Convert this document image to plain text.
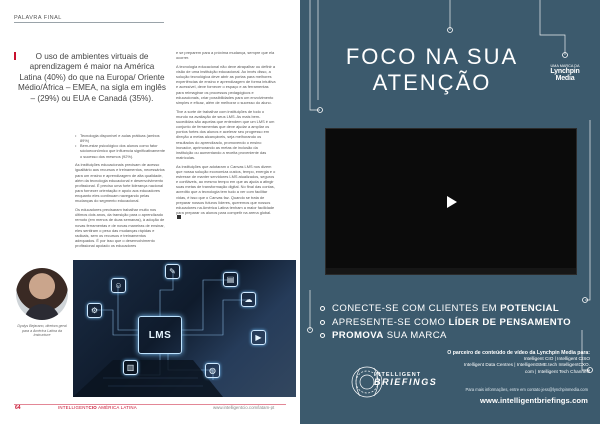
PALAVRA FINAL

O uso de ambientes virtuais de aprendizagem é maior na América Latina (40%) do que na Europa/ Oriente Médio/África – EMEA, na sigla em inglês – (29%) ou EUA e Canadá (35%).

• Tecnologia disponível e aulas práticas (ambos 89%)
• Bem-estar psicológico dos alunos como fator sócioeconômico que influencia significativamente o sucesso dos mesmos (92%).

As instituições educacionais precisam de acesso igualitário aos recursos e treinamentos, necessários para um ensino e aprendizagem de alta qualidade, além da tecnologia educacional e desenvolvimento profissional. É preciso uma forte liderança nacional para fornecer orientação e apoio aos educadores enquanto eles continuam navegando pelas mudanças do segmento educacional.

Os educadores precisaram trabalhar muito nos últimos dois anos, da transição para o aprendizado remoto (em menos de duas semanas), à adoção de novas ferramentas e de novas maneiras de ensinar, eles sentiram o peso das mudanças rápidas e radicais, sem os recursos e treinamentos adequados. É por isso que o desenvolvimento profissional apoiado os educadores

e se preparem para a próxima mudança, sempre que ela ocorrer.

A tecnologia educacional não deve atrapalhar ou definir a visão de uma instituição educacional. Ao invés disso, a solução tecnológica deve abrir as portas para melhores experiências de ensino e aprendizagem de forma intuitiva e acessível, deve fornecer o espaço e as ferramentas para reimaginar os processos pedagógicos e educacionais, criar possibilidades para um envolvimento simples e eficaz, além de melhorar o sucesso do aluno.

Tive a sorte de trabalhar com instituições de todo o mundo na avaliação de seus LMS. As mais bem-sucedidas são aquelas que entendem que um LMS é um conjunto de ferramentas que deve ajudar a ampliar os pontos fortes dos alunos e acelerar seu progresso em direção a metas alcançáveis, seja melhorando os resultados do aprendizado, promovendo o ensino inovador, aprimorando as metas de inclusão da instituição ou aumentando a receita proveniente das matrículas.

As instituições que adotaram o Canvas LMS nos dizem que nossa solução economiza custos, tempo, energia e o estresse de manter servidores LMS atualizados, seguros e confiáveis, ao mesmo tempo em que as ajuda a atingir suas metas de transformação digital. No final das contas, acredito que a tecnologia tem tudo a ver com facilitar vidas, é isso que o Canvas faz. Quando se trata de preparar nossos futuros líderes, queremos que nossos educadores na América Latina tenham a maior facilidade para preparar os alunos para competir na arena global.

Dyalys Bejarano, diretora geral para a América Latina da Instructure	LMS
☁
▤
⚙
☺
✎
▶
◍
▥
64	INTELLIGENTCIO AMÉRICA LATINA	www.intelligentcio.com/latam-pt
FOCO NA SUA
ATENÇÃO
UMA MARCA DA
Lynchpin
Media
CONECTE-SE COM CLIENTES EM POTENCIAL
APRESENTE-SE COMO LÍDER DE PENSAMENTO
PROMOVA SUA MARCA
INTELLIGENT
BRIEFINGS
O parceiro de conteúdo de vídeo da Lynchpin Media para:
Intelligent CIO | Intelligent CISO
Intelligent Data Centres | IntelligentSME.tech IntelligentCXO.
com | Intelligent Tech Channels
Para mais informações, entre em contato jess@lynchpinmedia.com
www.intelligentbriefings.com
